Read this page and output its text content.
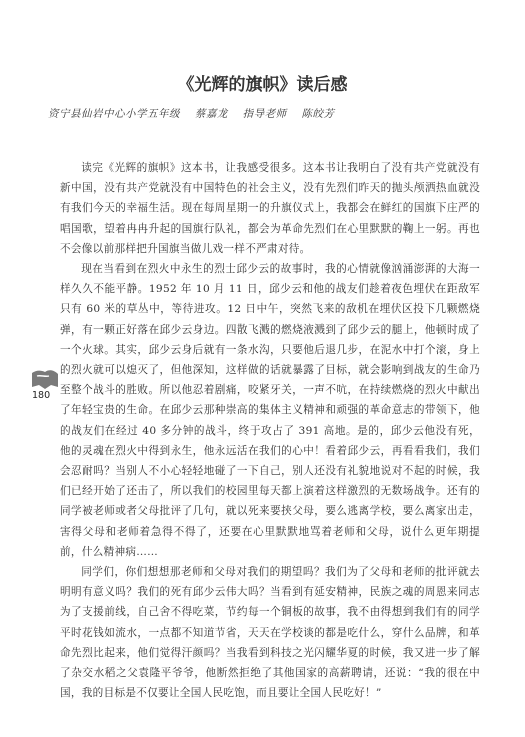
《光辉的旗帜》读后感

资宁县仙岩中心小学五年级　 蔡嘉龙　 指导老师　 陈皎芳

读完《光辉的旗帜》这本书，让我感受很多。这本书让我明白了没有共产党就没有新中国，没有共产党就没有中国特色的社会主义，没有先烈们昨天的抛头颅洒热血就没有我们今天的幸福生活。现在每周星期一的升旗仪式上，我都会在鲜红的国旗下庄严的唱国歌，望着冉冉升起的国旗行队礼，都会为革命先烈们在心里默默的鞠上一躬。再也不会像以前那样把升国旗当做儿戏一样不严肃对待。

现在当看到在烈火中永生的烈士邱少云的故事时，我的心情就像汹涌澎湃的大海一样久久不能平静。1952 年 10 月 11 日，邱少云和他的战友们趁着夜色埋伏在距敌军只有 60 米的草丛中，等待进攻。12 日中午，突然飞来的敌机在埋伏区投下几颗燃烧弹，有一颗正好落在邱少云身边。四散飞溅的燃烧液溅到了邱少云的腿上，他顿时成了一个火球。其实，邱少云身后就有一条水沟，只要他后退几步，在泥水中打个滚，身上的烈火就可以熄灭了，但他深知，这样做的话就暴露了目标，就会影响到战友的生命乃至整个战斗的胜败。所以他忍着剧痛，咬紧牙关，一声不吭，在持续燃烧的烈火中献出了年轻宝贵的生命。在邱少云那种崇高的集体主义精神和顽强的革命意志的带领下，他的战友们在经过 40 多分钟的战斗，终于攻占了 391 高地。是的，邱少云他没有死，他的灵魂在烈火中得到永生，他永远活在我们的心中！看着邱少云，再看看我们，我们会忍耐吗？当别人不小心轻轻地碰了一下自己，别人还没有礼貌地说对不起的时候，我们已经开始了还击了，所以我们的校园里每天都上演着这样激烈的无数场战争。还有的同学被老师或者父母批评了几句，就以死来要挟父母，要么逃离学校，要么离家出走，害得父母和老师着急得不得了，还要在心里默默地骂着老师和父母，说什么更年期提前，什么精神病……

同学们，你们想想那老师和父母对我们的期望吗？我们为了父母和老师的批评就去明明有意义吗？我们的死有邱少云伟大吗？当看到有延安精神，民族之魂的周恩来同志为了支援前线，自己舍不得吃菜，节约每一个铜板的故事，我不由得想到我们有的同学平时花钱如流水，一点都不知道节省，天天在学校谈的都是吃什么，穿什么品牌，和革命先烈比起来，他们觉得汗颜吗？当我看到科技之光闪耀华夏的时候，我又进一步了解了杂交水稻之父袁隆平爷爷，他断然拒绝了其他国家的高薪聘请，还说：“我的很在中国，我的目标是不仅要让全国人民吃饱，而且要让全国人民吃好！”

180
